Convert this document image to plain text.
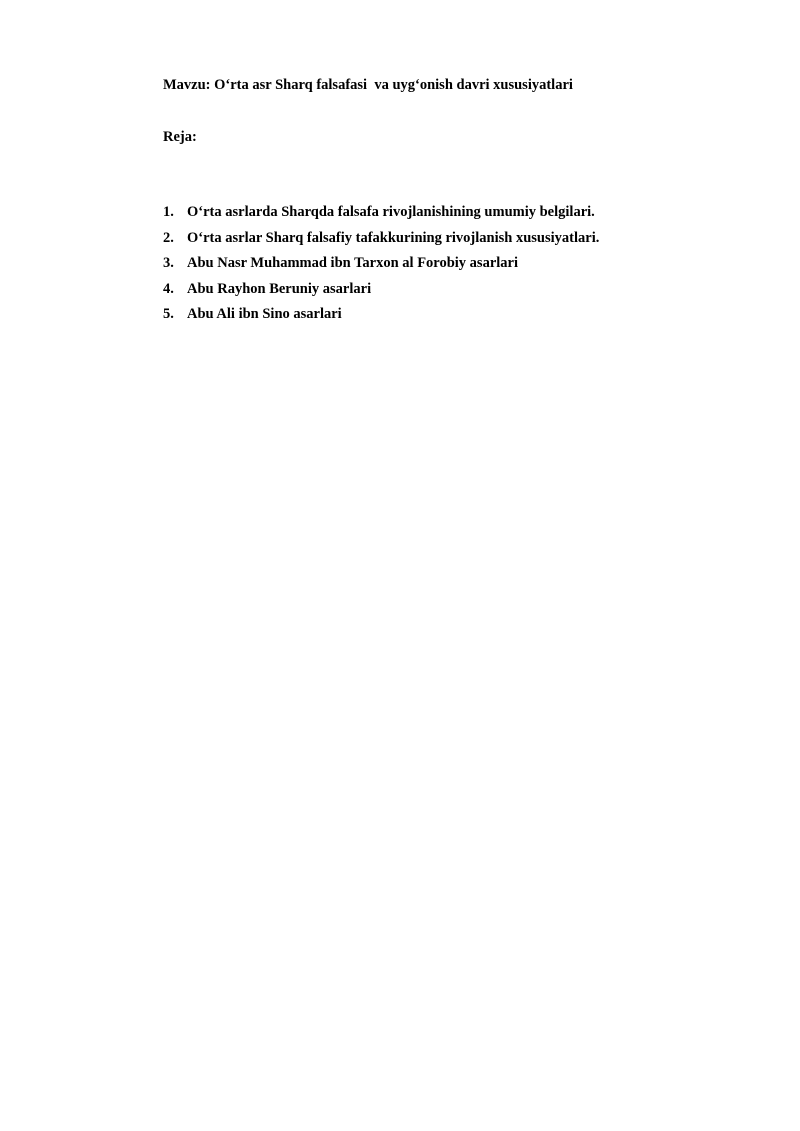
Mavzu: O‘rta asr Sharq falsafasi  va uyg‘onish davri xususiyatlari
Reja:
1. O‘rta asrlarda Sharqda falsafa rivojlanishining umumiy belgilari.
2. O‘rta asrlar Sharq falsafiy tafakkurining rivojlanish xususiyatlari.
3. Abu Nasr Muhammad ibn Tarxon al Forobiy asarlari
4. Abu Rayhon Beruniy asarlari
5. Abu Ali ibn Sino asarlari
